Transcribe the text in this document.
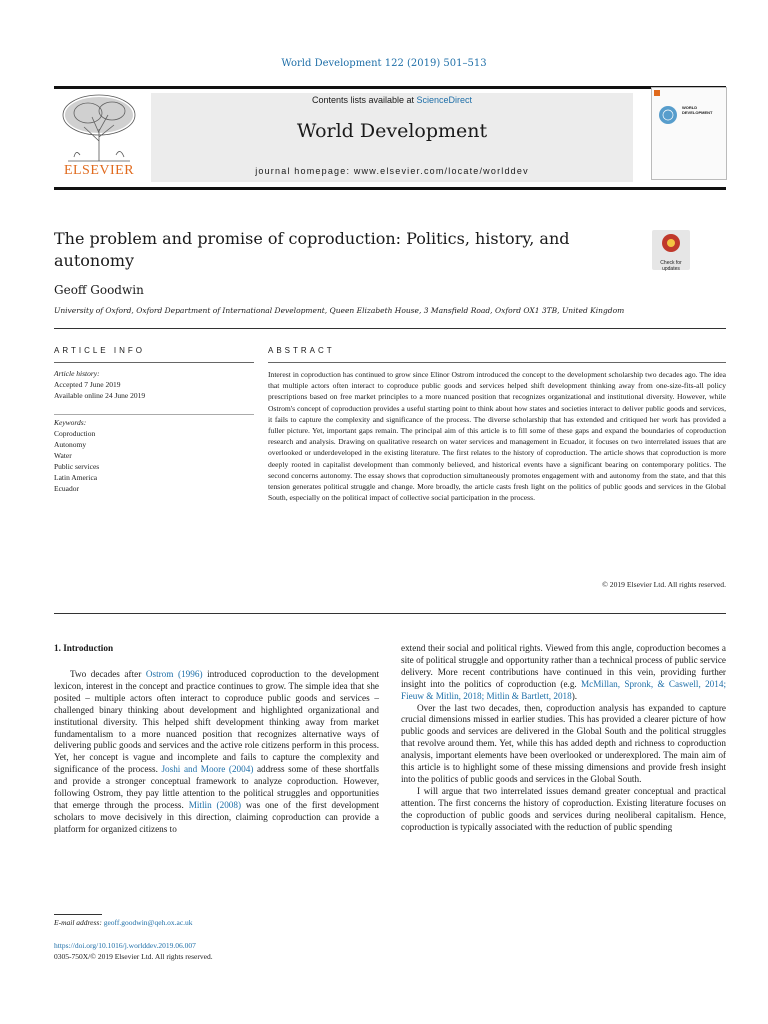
World Development 122 (2019) 501–513
ELSEVIER
Contents lists available at ScienceDirect
World Development
journal homepage: www.elsevier.com/locate/worlddev
WORLD DEVELOPMENT
The problem and promise of coproduction: Politics, history, and autonomy	Check for updates
Geoff Goodwin
University of Oxford, Oxford Department of International Development, Queen Elizabeth House, 3 Mansfield Road, Oxford OX1 3TB, United Kingdom
ARTICLE INFO	ABSTRACT
Article history:
Accepted 7 June 2019
Available online 24 June 2019
Keywords:
Coproduction
Autonomy
Water
Public services
Latin America
Ecuador
Interest in coproduction has continued to grow since Elinor Ostrom introduced the concept to the development scholarship two decades ago. The idea that multiple actors often interact to coproduce public goods and services helped shift development thinking away from one-size-fits-all policy prescriptions based on free market principles to a more nuanced position that recognizes organizational and institutional diversity. However, while Ostrom's concept of coproduction provides a useful starting point to think about how states and societies interact to deliver public goods and services, it fails to capture the complexity and significance of the process. The diverse scholarship that has extended and critiqued her work has provided a fuller picture. Yet, important gaps remain. The principal aim of this article is to fill some of these gaps and expand the boundaries of coproduction research and analysis. Drawing on qualitative research on water services and management in Ecuador, it focuses on two interrelated issues that are overlooked or underdeveloped in the existing literature. The first relates to the history of coproduction. The article shows that coproduction is more deeply rooted in capitalist development than commonly believed, and historical events have a significant bearing on contemporary politics. The second concerns autonomy. The essay shows that coproduction simultaneously promotes engagement with and autonomy from the state, and that this tension generates political struggle and change. More broadly, the article casts fresh light on the politics of public goods and services in the Global South, especially on the political impact of collective social participation in the process.
© 2019 Elsevier Ltd. All rights reserved.
1. Introduction

Two decades after Ostrom (1996) introduced coproduction to the development lexicon, interest in the concept and practice continues to grow. The simple idea that she posited – multiple actors often interact to coproduce public goods and services – challenged binary thinking about development and highlighted organizational and institutional diversity. This helped shift development thinking away from market fundamentalism to a more nuanced position that recognizes alternative ways of delivering public goods and services and the active role citizens perform in this process. Yet, her concept is vague and incomplete and fails to capture the complexity and significance of the process. Joshi and Moore (2004) address some of these shortfalls and provide a stronger conceptual framework to analyze coproduction. However, following Ostrom, they pay little attention to the political struggles and opportunities that emerge through the process. Mitlin (2008) was one of the first development scholars to move decisively in this direction, claiming coproduction can provide a platform for organized citizens to

extend their social and political rights. Viewed from this angle, coproduction becomes a site of political struggle and opportunity rather than a technical process of public service delivery. More recent contributions have continued in this vein, providing further insight into the politics of coproduction (e.g. McMillan, Spronk, & Caswell, 2014; Fieuw & Mitlin, 2018; Mitlin & Bartlett, 2018).

Over the last two decades, then, coproduction analysis has expanded to capture crucial dimensions missed in earlier studies. This has provided a clearer picture of how public goods and services are delivered in the Global South and the political struggles that revolve around them. Yet, while this has added depth and richness to coproduction analysis, important elements have been overlooked or underexplored. The main aim of this article is to highlight some of these missing dimensions and provide fresh insight into the politics of public goods and services in the Global South.

I will argue that two interrelated issues demand greater conceptual and practical attention. The first concerns the history of coproduction. Existing literature focuses on the coproduction of public goods and services during neoliberal capitalism. Hence, coproduction is typically associated with the reduction of public spending

E-mail address: geoff.goodwin@qeh.ox.ac.uk
https://doi.org/10.1016/j.worlddev.2019.06.007
0305-750X/© 2019 Elsevier Ltd. All rights reserved.
